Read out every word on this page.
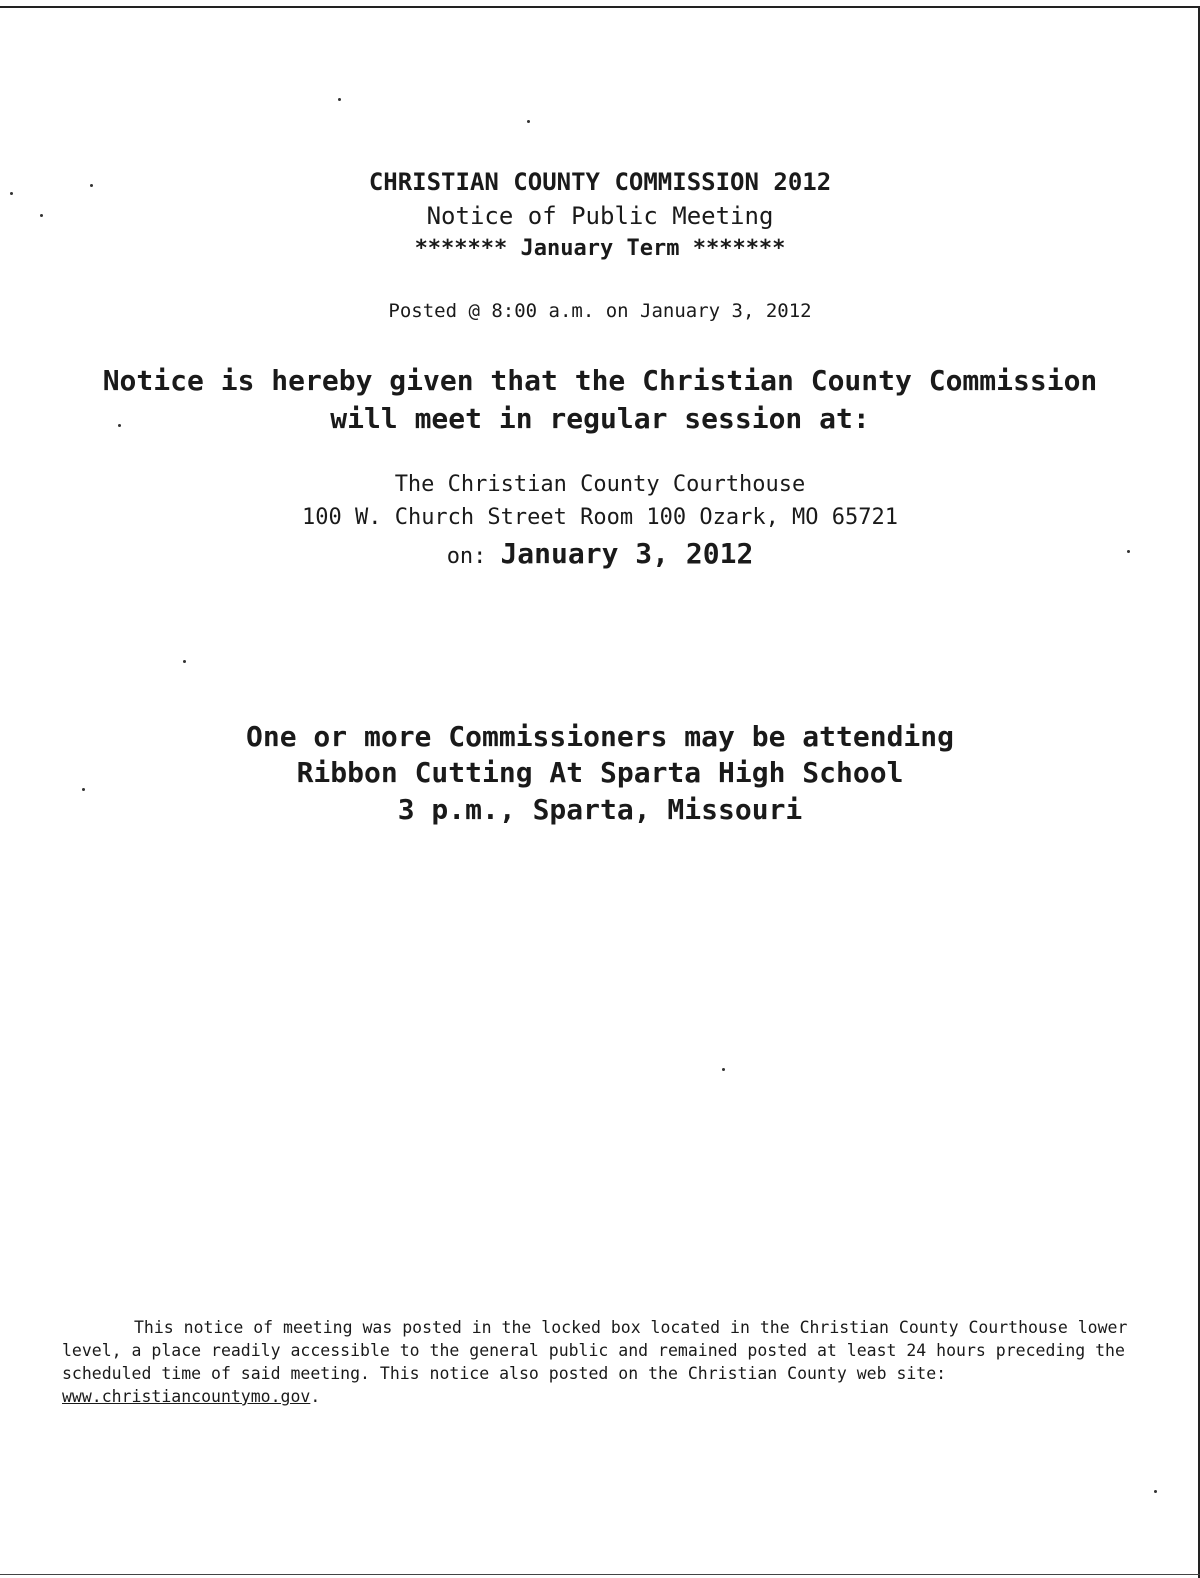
CHRISTIAN COUNTY COMMISSION 2012
Notice of Public Meeting
******* January Term *******
Posted @ 8:00 a.m. on January 3, 2012
Notice is hereby given that the Christian County Commission
will meet in regular session at:
The Christian County Courthouse
100 W. Church Street Room 100 Ozark, MO 65721
on: January 3, 2012
One or more Commissioners may be attending
Ribbon Cutting At Sparta High School
3 p.m., Sparta, Missouri
This notice of meeting was posted in the locked box located in the Christian County Courthouse lower level, a place readily accessible to the general public and remained posted at least 24 hours preceding the scheduled time of said meeting. This notice also posted on the Christian County web site: www.christiancountymo.gov.
